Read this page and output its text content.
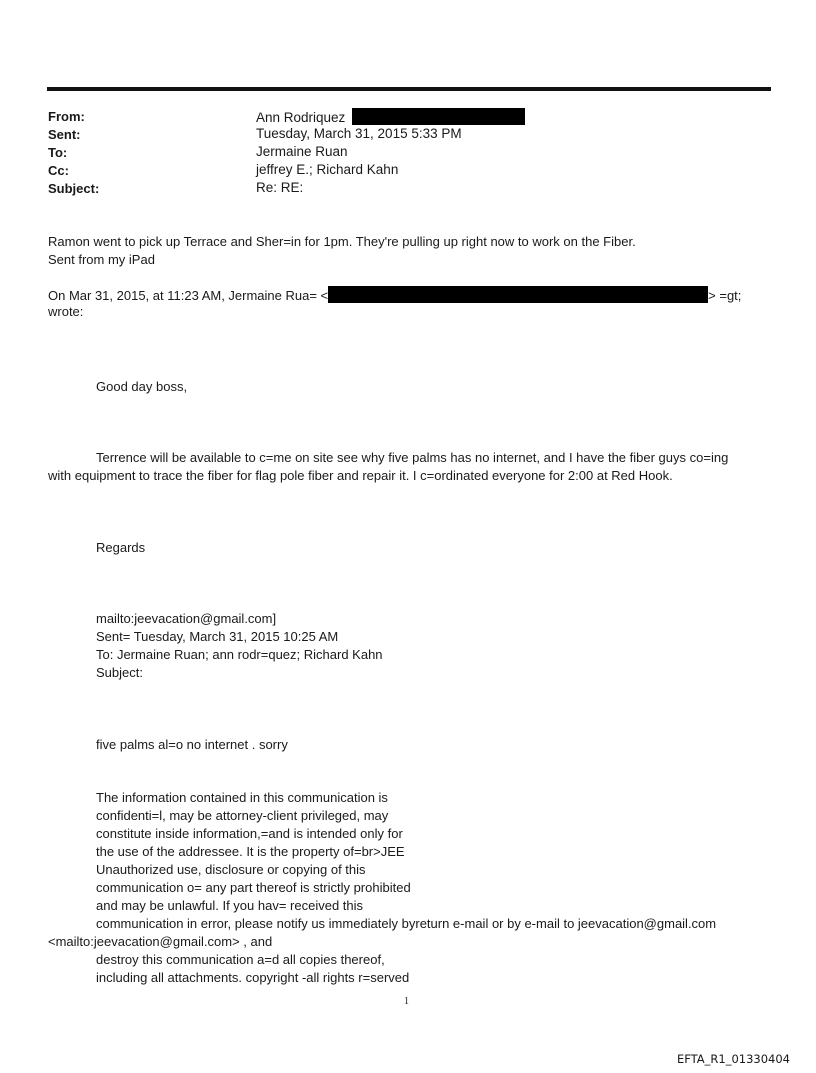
From:	Ann Rodriquez
Sent:	Tuesday, March 31, 2015 5:33 PM
To:	Jermaine Ruan
Cc:	jeffrey E.; Richard Kahn
Subject:	Re: RE:
Ramon went to pick up Terrace and Sher=in for 1pm. They're pulling up right now to work on the Fiber.
Sent from my iPad
On Mar 31, 2015, at 11:23 AM, Jermaine Rua= <	> =gt;
wrote:
Good day boss,
Terrence will be available to c=me on site see why five palms has no internet, and I have the fiber guys co=ing
with equipment to trace the fiber for flag pole fiber and repair it. I c=ordinated everyone for 2:00 at Red Hook.
Regards
mailto:jeevacation@gmail.com]
Sent= Tuesday, March 31, 2015 10:25 AM
To: Jermaine Ruan; ann rodr=quez; Richard Kahn
Subject:
five palms al=o no internet . sorry
The information contained in this communication is
confidenti=l, may be attorney-client privileged, may
constitute inside information,=and is intended only for
the use of the addressee. It is the property of=br>JEE
Unauthorized use, disclosure or copying of this
communication o= any part thereof is strictly prohibited
and may be unlawful. If you hav= received this
communication in error, please notify us immediately byreturn e-mail or by e-mail to jeevacation@gmail.com
<mailto:jeevacation@gmail.com> , and
destroy this communication a=d all copies thereof,
including all attachments. copyright -all rights r=served
1
EFTA_R1_01330404
